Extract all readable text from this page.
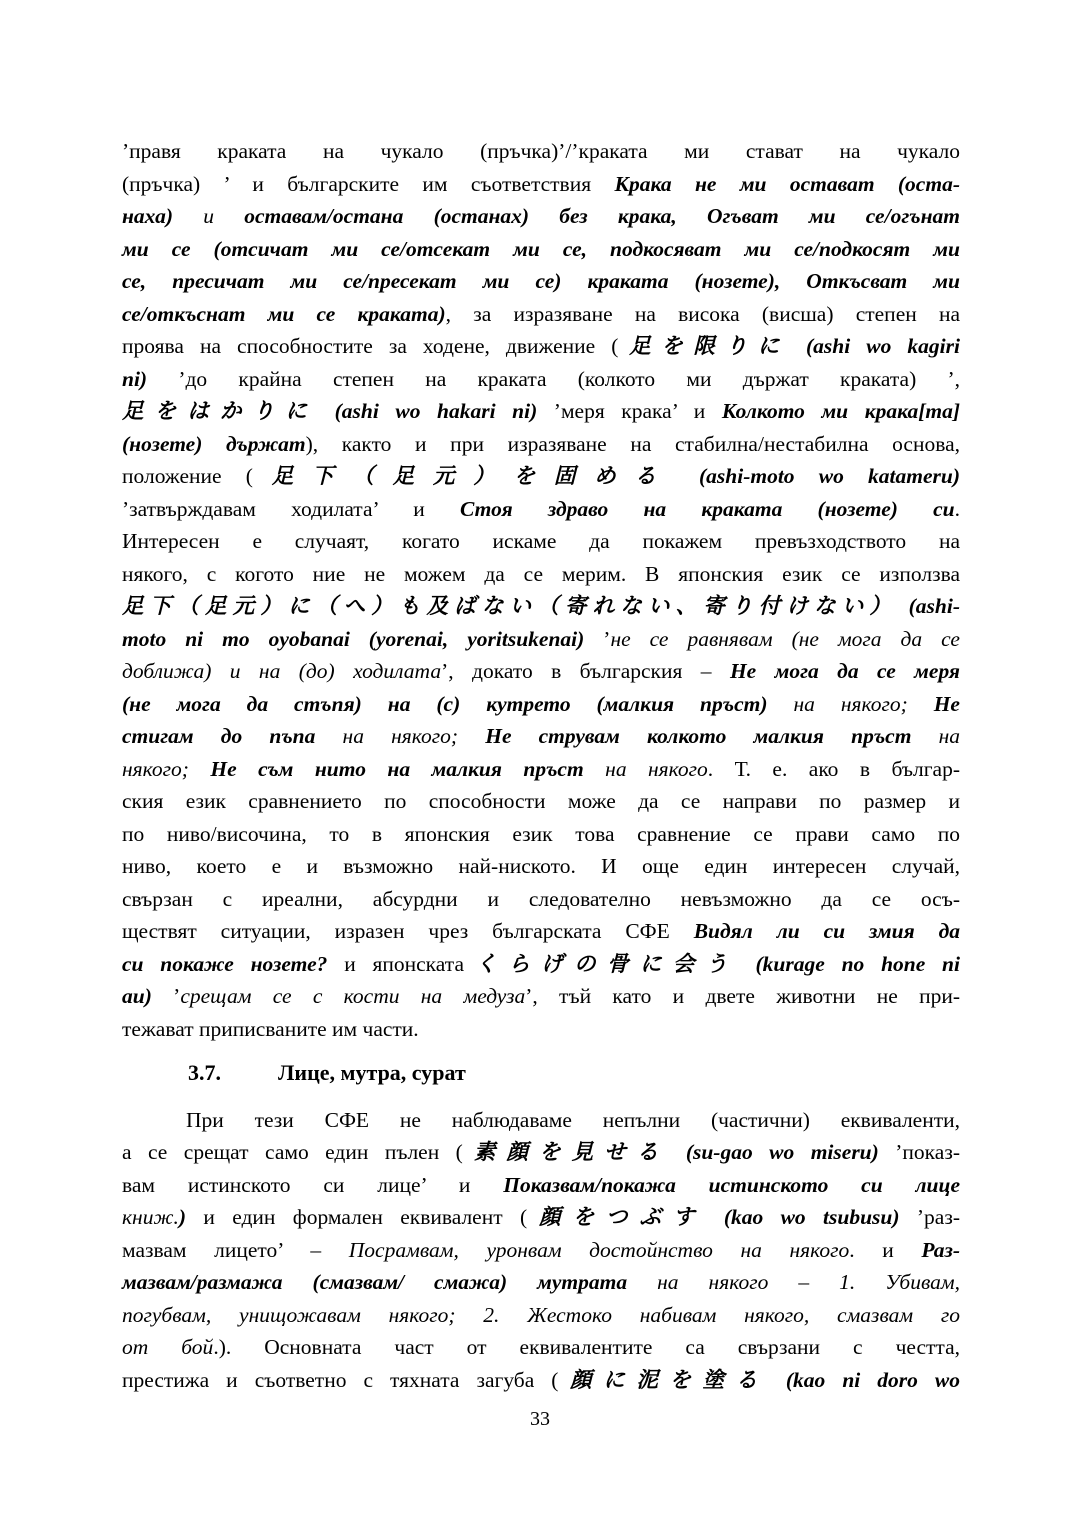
’правя краката на чукало (пръчка)’/’краката ми стават на чукало
(пръчка) ’ и българските им съответствия Крака не ми остават (оста-
наха) и оставам/остана (останах) без крака, Огъват ми се/огънат
ми се (отсичат ми се/отсекат ми се, подкосяват ми се/подкосят ми
се, пресичат ми се/пресекат ми се) краката (нозете), Откъсват ми
се/откъснат ми се краката), за изразяване на висока (висша) степен на
проява на способностите за ходене, движение (足を限りに (ashi wo kagiri
ni) ’до крайна степен на краката (колкото ми държат краката) ’,
足をはかりに (ashi wo hakari ni) ’меря крака’ и Колкото ми крака[та]
(нозете) държат), както и при изразяване на стабилна/нестабилна основа,
положение (足下（足元）を固める (ashi-moto wo katameru)
’затвърждавам ходилата’ и Стоя здраво на краката (нозете) си.
Интересен е случаят, когато искаме да покажем превъзходството на
някого, с когото ние не можем да се мерим. В японския език се използва
足下（足元）に（へ）も及ばない（寄れない、寄り付けない） (ashi-
moto ni mo oyobanai (yorenai, yoritsukenai) ’не се равнявам (не мога да се
доближа) и на (до) ходилата’, докато в българския – Не мога да се меря
(не мога да стъпя) на (с) кутрето (малкия пръст) на някого; Не
стигам до пъпа на някого; Не струвам колкото малкия пръст на
някого; Не съм нито на малкия пръст на някого. Т. е. ако в българ-
ския език сравнението по способности може да се направи по размер и
по ниво/височина, то в японския език това сравнение се прави само по
ниво, което е и възможно най-ниското. И още един интересен случай,
свързан с иреални, абсурдни и следователно невъзможно да се осъ-
ществят ситуации, изразен чрез българската СФЕ Видял ли си змия да
си покаже нозете? и японскатаくらげの骨に会う (kurage no hone ni
au) ’срещам се с кости на медуза’, тъй като и двете животни не при-
тежават приписваните им части.
3.7.	Лице, мутра, сурат
При тези СФЕ не наблюдаваме непълни (частични) еквиваленти,
а се срещат само един пълен (素顔を見せる (su-gao wo miseru) ’показ-
вам истинското си лице’ и Показвам/покажа истинското си лице
книж.) и един формален еквивалент (顔をつぶす (kao wo tsubusu) ’раз-
мазвам лицето’ – Посрамвам, уронвам достойнство на някого. и Раз-
мазвам/размажа (смазвам/ смажа) мутрата на някого – 1. Убивам,
погубвам, унищожавам някого; 2. Жестоко набивам някого, смазвам го
от бой.). Основната част от еквивалентите са свързани с честта,
престижа и съответно с тяхната загуба (顔に泥を塗る (kao ni doro wo
33
